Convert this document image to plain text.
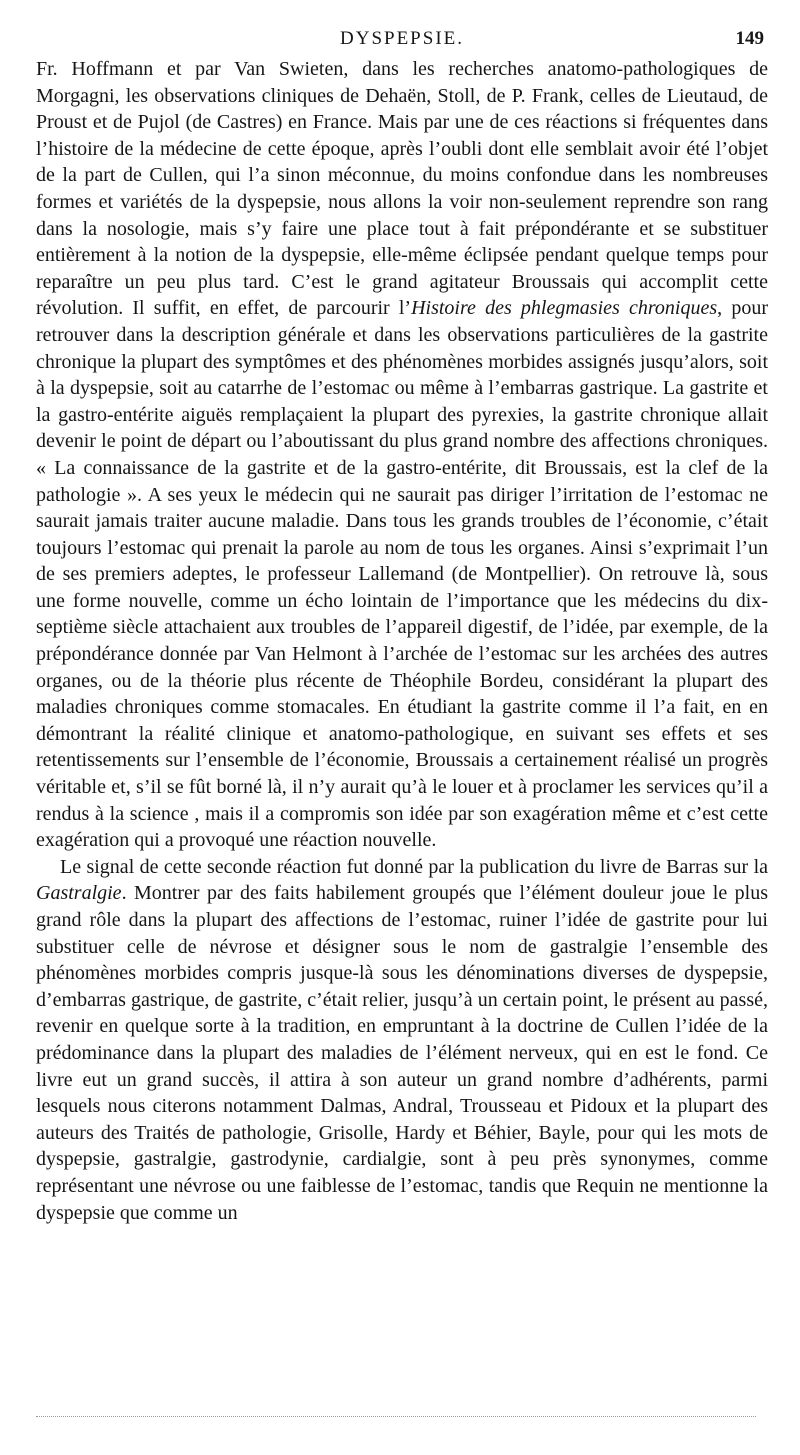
DYSPEPSIE.	149

Fr. Hoffmann et par Van Swieten, dans les recherches anatomo-pathologiques de Morgagni, les observations cliniques de Dehaën, Stoll, de P. Frank, celles de Lieutaud, de Proust et de Pujol (de Castres) en France. Mais par une de ces réactions si fréquentes dans l’histoire de la médecine de cette époque, après l’oubli dont elle semblait avoir été l’objet de la part de Cullen, qui l’a sinon méconnue, du moins confondue dans les nombreuses formes et variétés de la dyspepsie, nous allons la voir non-seulement reprendre son rang dans la nosologie, mais s’y faire une place tout à fait prépondérante et se substituer entièrement à la notion de la dyspepsie, elle-même éclipsée pendant quelque temps pour reparaître un peu plus tard. C’est le grand agitateur Broussais qui accomplit cette révolution. Il suffit, en effet, de parcourir l’Histoire des phlegmasies chroniques, pour retrouver dans la description générale et dans les observations particulières de la gastrite chronique la plupart des symptômes et des phénomènes morbides assignés jusqu’alors, soit à la dyspepsie, soit au catarrhe de l’estomac ou même à l’embarras gastrique. La gastrite et la gastro-entérite aiguës remplaçaient la plupart des pyrexies, la gastrite chronique allait devenir le point de départ ou l’aboutissant du plus grand nombre des affections chroniques. « La connaissance de la gastrite et de la gastro-entérite, dit Broussais, est la clef de la pathologie ». A ses yeux le médecin qui ne saurait pas diriger l’irritation de l’estomac ne saurait jamais traiter aucune maladie. Dans tous les grands troubles de l’économie, c’était toujours l’estomac qui prenait la parole au nom de tous les organes. Ainsi s’exprimait l’un de ses premiers adeptes, le professeur Lallemand (de Montpellier). On retrouve là, sous une forme nouvelle, comme un écho lointain de l’importance que les médecins du dix-septième siècle attachaient aux troubles de l’appareil digestif, de l’idée, par exemple, de la prépondérance donnée par Van Helmont à l’archée de l’estomac sur les archées des autres organes, ou de la théorie plus récente de Théophile Bordeu, considérant la plupart des maladies chroniques comme stomacales. En étudiant la gastrite comme il l’a fait, en en démontrant la réalité clinique et anatomo-pathologique, en suivant ses effets et ses retentissements sur l’ensemble de l’économie, Broussais a certainement réalisé un progrès véritable et, s’il se fût borné là, il n’y aurait qu’à le louer et à proclamer les services qu’il a rendus à la science , mais il a compromis son idée par son exagération même et c’est cette exagération qui a provoqué une réaction nouvelle.

Le signal de cette seconde réaction fut donné par la publication du livre de Barras sur la Gastralgie. Montrer par des faits habilement groupés que l’élément douleur joue le plus grand rôle dans la plupart des affections de l’estomac, ruiner l’idée de gastrite pour lui substituer celle de névrose et désigner sous le nom de gastralgie l’ensemble des phénomènes morbides compris jusque-là sous les dénominations diverses de dyspepsie, d’embarras gastrique, de gastrite, c’était relier, jusqu’à un certain point, le présent au passé, revenir en quelque sorte à la tradition, en empruntant à la doctrine de Cullen l’idée de la prédominance dans la plupart des maladies de l’élément nerveux, qui en est le fond. Ce livre eut un grand succès, il attira à son auteur un grand nombre d’adhérents, parmi lesquels nous citerons notamment Dalmas, Andral, Trousseau et Pidoux et la plupart des auteurs des Traités de pathologie, Grisolle, Hardy et Béhier, Bayle, pour qui les mots de dyspepsie, gastralgie, gastrodynie, cardialgie, sont à peu près synonymes, comme représentant une névrose ou une faiblesse de l’estomac, tandis que Requin ne mentionne la dyspepsie que comme un
